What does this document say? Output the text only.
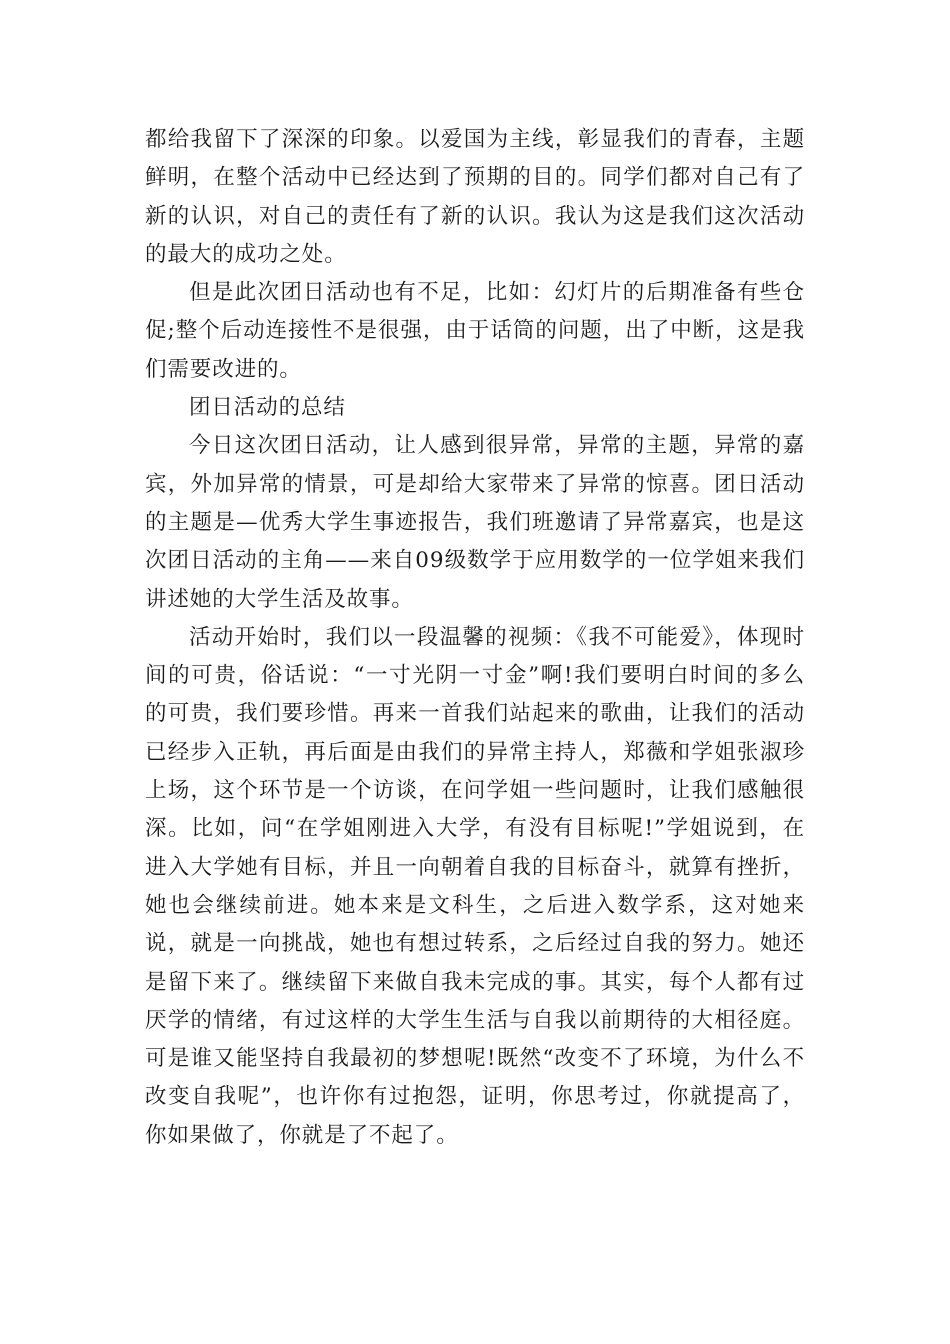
都给我留下了深深的印象。以爱国为主线，彰显我们的青春，主题鲜明，在整个活动中已经达到了预期的目的。同学们都对自己有了新的认识，对自己的责任有了新的认识。我认为这是我们这次活动的最大的成功之处。

但是此次团日活动也有不足，比如：幻灯片的后期准备有些仓促;整个后动连接性不是很强，由于话筒的问题，出了中断，这是我们需要改进的。

团日活动的总结

今日这次团日活动，让人感到很异常，异常的主题，异常的嘉宾，外加异常的情景，可是却给大家带来了异常的惊喜。团日活动的主题是—优秀大学生事迹报告，我们班邀请了异常嘉宾，也是这次团日活动的主角——来自09级数学于应用数学的一位学姐来我们讲述她的大学生活及故事。

活动开始时，我们以一段温馨的视频：《我不可能爱》，体现时间的可贵，俗话说：“一寸光阴一寸金”啊!我们要明白时间的多么的可贵，我们要珍惜。再来一首我们站起来的歌曲，让我们的活动已经步入正轨，再后面是由我们的异常主持人，郑薇和学姐张淑珍上场，这个环节是一个访谈，在问学姐一些问题时，让我们感触很深。比如，问“在学姐刚进入大学，有没有目标呢!”学姐说到，在进入大学她有目标，并且一向朝着自我的目标奋斗，就算有挫折，她也会继续前进。她本来是文科生，之后进入数学系，这对她来说，就是一向挑战，她也有想过转系，之后经过自我的努力。她还是留下来了。继续留下来做自我未完成的事。其实，每个人都有过厌学的情绪，有过这样的大学生生活与自我以前期待的大相径庭。可是谁又能坚持自我最初的梦想呢!既然“改变不了环境，为什么不改变自我呢”，也许你有过抱怨，证明，你思考过，你就提高了，你如果做了，你就是了不起了。
